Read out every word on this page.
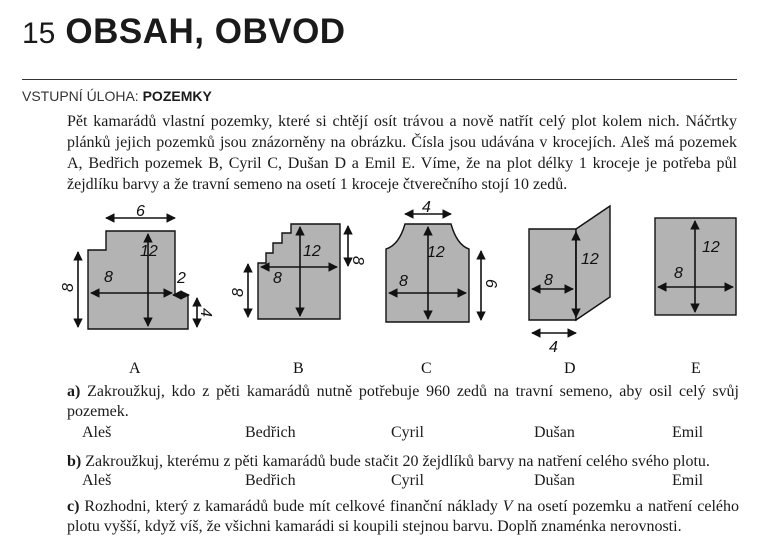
15 OBSAH, OBVOD
VSTUPNÍ ÚLOHA: POZEMKY

Pět kamarádů vlastní pozemky, které si chtějí osít trávou a nově natřít celý plot kolem nich. Náčrtky plánků jejich pozemků jsou znázorněny na obrázku. Čísla jsou udávána v krocejích. Aleš má pozemek A, Bedřich pozemek B, Cyril C, Dušan D a Emil E. Víme, že na plot délky 1 kroceje je potřeba půl žejdlíku barvy a že travní semeno na osetí 1 kroceje čtverečního stojí 10 zedů.

6
12
8
8
2
4
A
12
8
8
8
B
4
12
8	6
C
12
8
4
D
12
8
E

a) Zakroužkuj, kdo z pěti kamarádů nutně potřebuje 960 zedů na travní semeno, aby osil celý svůj pozemek.

Aleš	Bedřich	Cyril	Dušan	Emil

b) Zakroužkuj, kterému z pěti kamarádů bude stačit 20 žejdlíků barvy na natření celého svého plotu.

Aleš	Bedřich	Cyril	Dušan	Emil

c) Rozhodni, který z kamarádů bude mít celkové finanční náklady V na osetí pozemku a natření celého plotu vyšší, když víš, že všichni kamarádi si koupili stejnou barvu. Doplň znaménka nerovnosti.
